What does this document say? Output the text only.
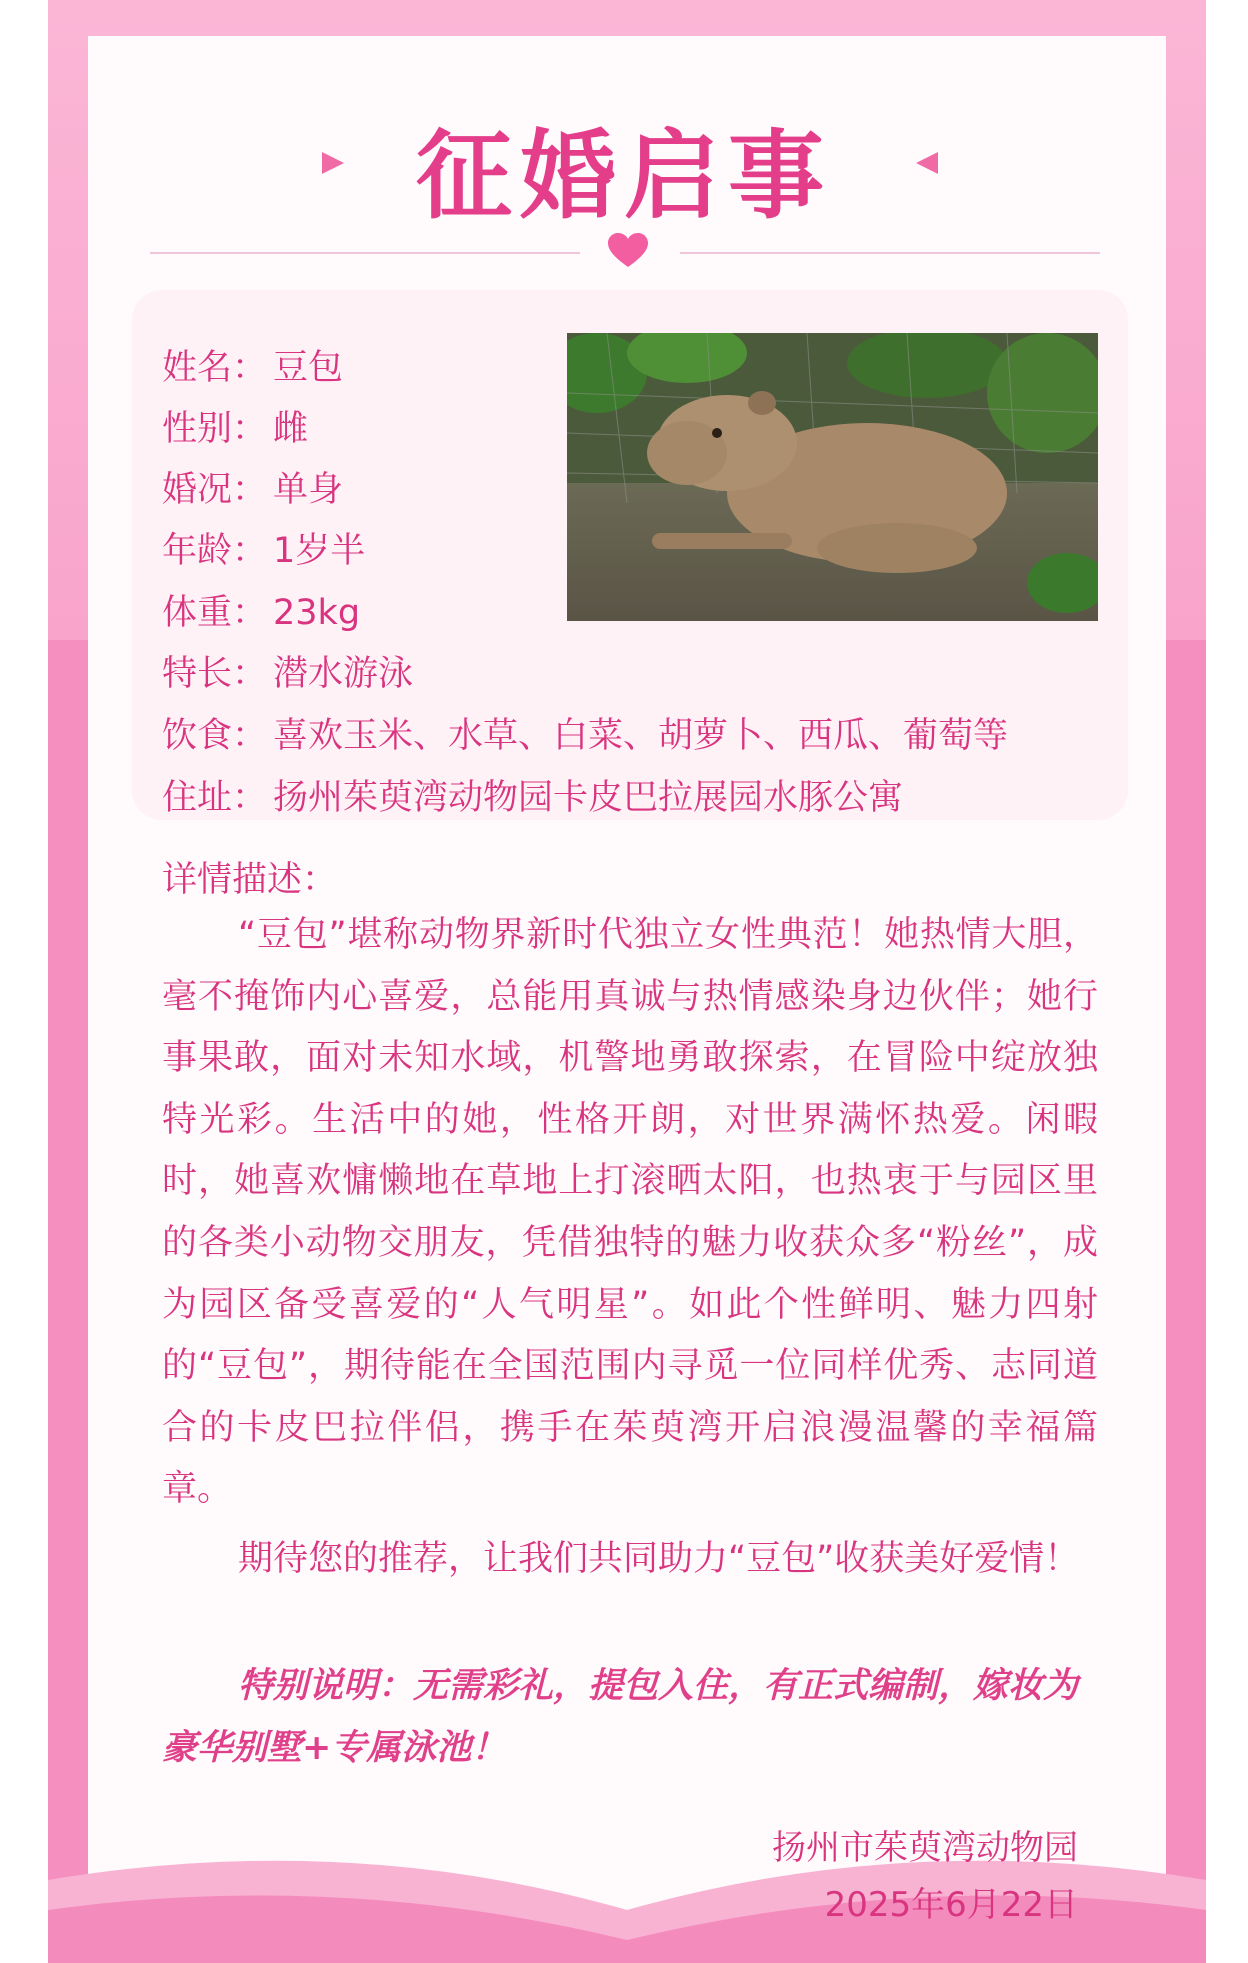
征婚启事
姓名： 豆包
性别： 雌
婚况： 单身
年龄： 1岁半
体重： 23kg
特长： 潜水游泳
饮食： 喜欢玉米、水草、白菜、胡萝卜、西瓜、葡萄等
住址： 扬州茱萸湾动物园卡皮巴拉展园水豚公寓
详情描述：
“豆包”堪称动物界新时代独立女性典范！她热情大胆，毫不掩饰内心喜爱，总能用真诚与热情感染身边伙伴；她行事果敢，面对未知水域，机警地勇敢探索，在冒险中绽放独特光彩。生活中的她，性格开朗，对世界满怀热爱。闲暇时，她喜欢慵懒地在草地上打滚晒太阳，也热衷于与园区里的各类小动物交朋友，凭借独特的魅力收获众多“粉丝”，成为园区备受喜爱的“人气明星”。如此个性鲜明、魅力四射的“豆包”，期待能在全国范围内寻觅一位同样优秀、志同道合的卡皮巴拉伴侣，携手在茱萸湾开启浪漫温馨的幸福篇章。
期待您的推荐，让我们共同助力“豆包”收获美好爱情！
特别说明：无需彩礼，提包入住，有正式编制，嫁妆为豪华别墅+专属泳池！
扬州市茱萸湾动物园
2025年6月22日
